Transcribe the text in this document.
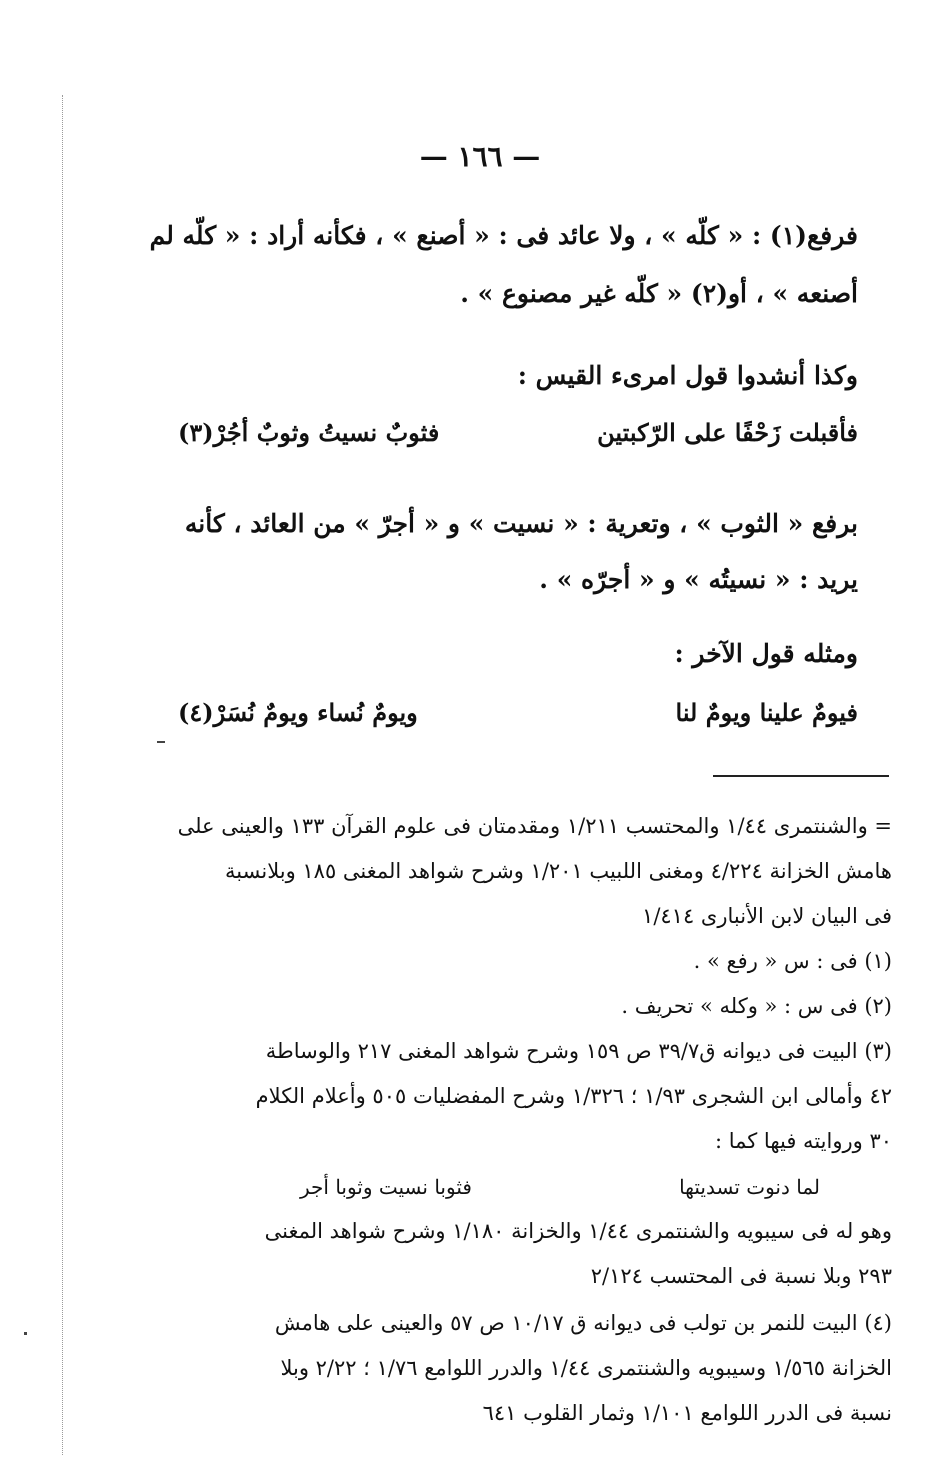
— ١٦٦ —
فرفع(١) : « كلّه » ، ولا عائد فى : « أصنع » ، فكأنه أراد : « كلّه لم
أصنعه » ، أو(٢) « كلّه غير مصنوع » .
وكذا أنشدوا قول امرىء القيس :
فأقبلت زَحْفًا على الرّكبتين
فثوبٌ نسيتُ وثوبٌ أجُرْ(٣)
برفع « الثوب » ، وتعرية : « نسيت » و « أجرّ » من العائد ، كأنه
يريد : « نسيتُه » و « أجرّه » .
ومثله قول الآخر :
فيومٌ علينا ويومٌ لنا
ويومٌ نُساء ويومٌ نُسَرْ(٤)
= والشنتمرى ١/٤٤ والمحتسب ١/٢١١ ومقدمتان فى علوم القرآن ١٣٣ والعينى على
هامش الخزانة ٤/٢٢٤ ومغنى اللبيب ١/٢٠١ وشرح شواهد المغنى ١٨٥ وبلانسبة
فى البيان لابن الأنبارى ١/٤١٤
(١) فى : س « رفع » .
(٢) فى س : « وكله » تحريف .
(٣) البيت فى ديوانه ق٣٩/٧ ص ١٥٩ وشرح شواهد المغنى ٢١٧ والوساطة
٤٢ وأمالى ابن الشجرى ١/٩٣ ؛ ١/٣٢٦ وشرح المفضليات ٥٠٥ وأعلام الكلام
٣٠ وروايته فيها كما :
لما دنوت تسديتها
فثوبا نسيت وثوبا أجر
وهو له فى سيبويه والشنتمرى ١/٤٤ والخزانة ١/١٨٠ وشرح شواهد المغنى
٢٩٣ وبلا نسبة فى المحتسب ٢/١٢٤
(٤) البيت للنمر بن تولب فى ديوانه ق ١٠/١٧ ص ٥٧ والعينى على هامش
الخزانة ١/٥٦٥ وسيبويه والشنتمرى ١/٤٤ والدرر اللوامع ١/٧٦ ؛ ٢/٢٢ وبلا
نسبة فى الدرر اللوامع ١/١٠١ وثمار القلوب ٦٤١
